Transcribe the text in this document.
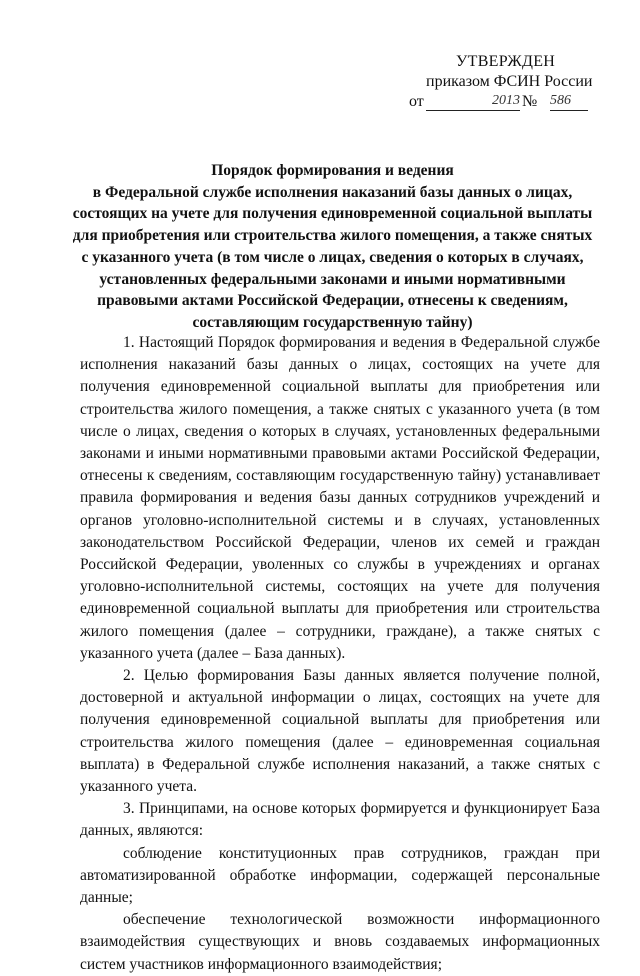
УТВЕРЖДЕН
приказом ФСИН России
от	2013 № 586
Порядок формирования и ведения
в Федеральной службе исполнения наказаний базы данных о лицах,
состоящих на учете для получения единовременной социальной выплаты
для приобретения или строительства жилого помещения, а также снятых
с указанного учета (в том числе о лицах, сведения о которых в случаях,
установленных федеральными законами и иными нормативными
правовыми актами Российской Федерации, отнесены к сведениям,
составляющим государственную тайну)

1. Настоящий Порядок формирования и ведения в Федеральной службе исполнения наказаний базы данных о лицах, состоящих на учете для получения единовременной социальной выплаты для приобретения или строительства жилого помещения, а также снятых с указанного учета (в том числе о лицах, сведения о которых в случаях, установленных федеральными законами и иными нормативными правовыми актами Российской Федерации, отнесены к сведениям, составляющим государственную тайну) устанавливает правила формирования и ведения базы данных сотрудников учреждений и органов уголовно-исполнительной системы и в случаях, установленных законодательством Российской Федерации, членов их семей и граждан Российской Федерации, уволенных со службы в учреждениях и органах уголовно-исполнительной системы, состоящих на учете для получения единовременной социальной выплаты для приобретения или строительства жилого помещения (далее – сотрудники, граждане), а также снятых с указанного учета (далее – База данных).

2. Целью формирования Базы данных является получение полной, достоверной и актуальной информации о лицах, состоящих на учете для получения единовременной социальной выплаты для приобретения или строительства жилого помещения (далее – единовременная социальная выплата) в Федеральной службе исполнения наказаний, а также снятых с указанного учета.

3. Принципами, на основе которых формируется и функционирует База данных, являются:

соблюдение конституционных прав сотрудников, граждан при автоматизированной обработке информации, содержащей персональные данные;

обеспечение технологической возможности информационного взаимодействия существующих и вновь создаваемых информационных систем участников информационного взаимодействия;
